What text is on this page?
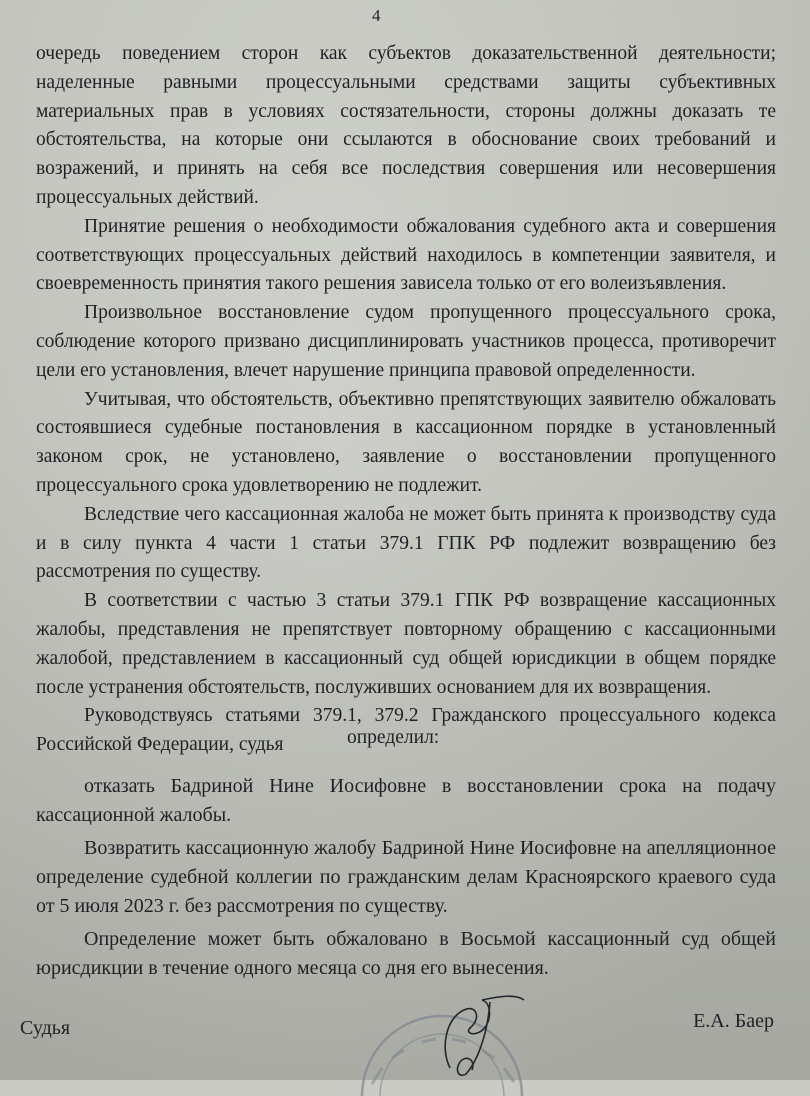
4

очередь поведением сторон как субъектов доказательственной деятельности; наделенные равными процессуальными средствами защиты субъективных материальных прав в условиях состязательности, стороны должны доказать те обстоятельства, на которые они ссылаются в обоснование своих требований и возражений, и принять на себя все последствия совершения или несовершения процессуальных действий.

Принятие решения о необходимости обжалования судебного акта и совершения соответствующих процессуальных действий находилось в компетенции заявителя, и своевременность принятия такого решения зависела только от его волеизъявления.

Произвольное восстановление судом пропущенного процессуального срока, соблюдение которого призвано дисциплинировать участников процесса, противоречит цели его установления, влечет нарушение принципа правовой определенности.

Учитывая, что обстоятельств, объективно препятствующих заявителю обжаловать состоявшиеся судебные постановления в кассационном порядке в установленный законом срок, не установлено, заявление о восстановлении пропущенного процессуального срока удовлетворению не подлежит.

Вследствие чего кассационная жалоба не может быть принята к производству суда и в силу пункта 4 части 1 статьи 379.1 ГПК РФ подлежит возвращению без рассмотрения по существу.

В соответствии с частью 3 статьи 379.1 ГПК РФ возвращение кассационных жалобы, представления не препятствует повторному обращению с кассационными жалобой, представлением в кассационный суд общей юрисдикции в общем порядке после устранения обстоятельств, послуживших основанием для их возвращения.

Руководствуясь статьями 379.1, 379.2 Гражданского процессуального кодекса Российской Федерации, судья	определил:

отказать Бадриной Нине Иосифовне в восстановлении срока на подачу кассационной жалобы.

Возвратить кассационную жалобу Бадриной Нине Иосифовне на апелляционное определение судебной коллегии по гражданским делам Красноярского краевого суда от 5 июля 2023 г. без рассмотрения по существу.

Определение может быть обжаловано в Восьмой кассационный суд общей юрисдикции в течение одного месяца со дня его вынесения.

Судья	Е.А. Баер
